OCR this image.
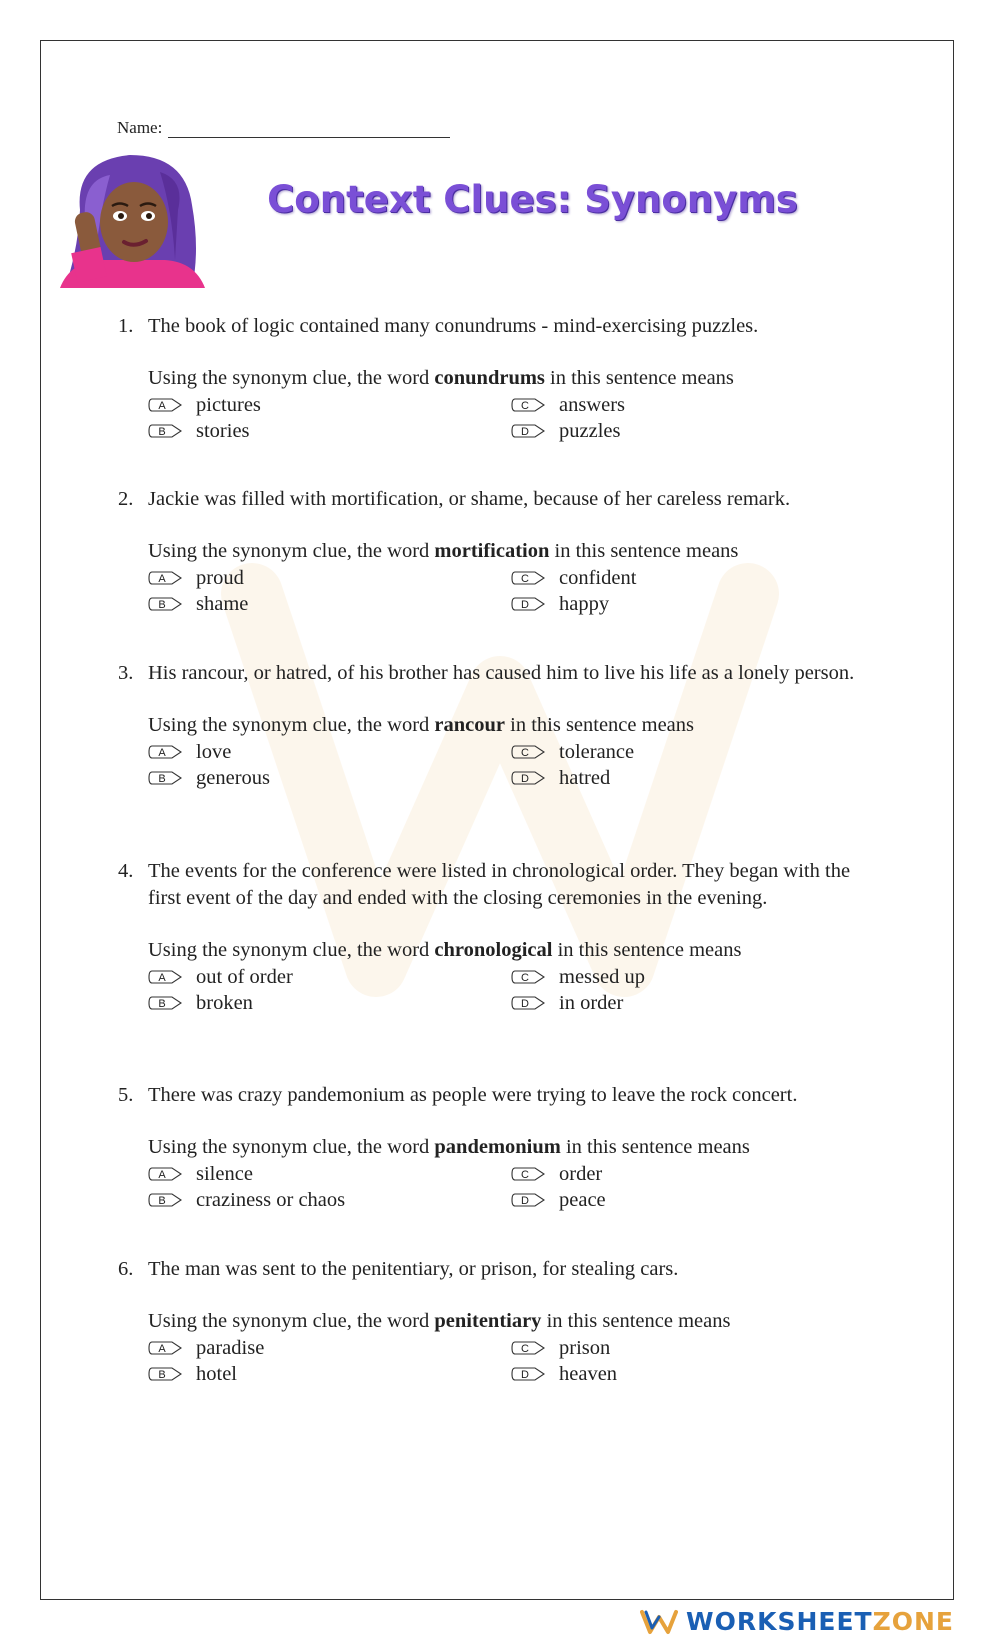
Name:
Context Clues: Synonyms
1. The book of logic contained many conundrums - mind-exercising puzzles.
Using the synonym clue, the word conundrums in this sentence means
A pictures	C answers
B stories	D puzzles
2. Jackie was filled with mortification, or shame, because of her careless remark.
Using the synonym clue, the word mortification in this sentence means
A proud	C confident
B shame	D happy
3. His rancour, or hatred, of his brother has caused him to live his life as a lonely person.
Using the synonym clue, the word rancour in this sentence means
A love	C tolerance
B generous	D hatred
4. The events for the conference were listed in chronological order. They began with the first event of the day and ended with the closing ceremonies in the evening.
Using the synonym clue, the word chronological in this sentence means
A out of order	C messed up
B broken	D in order
5. There was crazy pandemonium as people were trying to leave the rock concert.
Using the synonym clue, the word pandemonium in this sentence means
A silence	C order
B craziness or chaos	D peace
6. The man was sent to the penitentiary, or prison, for stealing cars.
Using the synonym clue, the word penitentiary in this sentence means
A paradise	C prison
B hotel	D heaven
WORKSHEET ZONE
